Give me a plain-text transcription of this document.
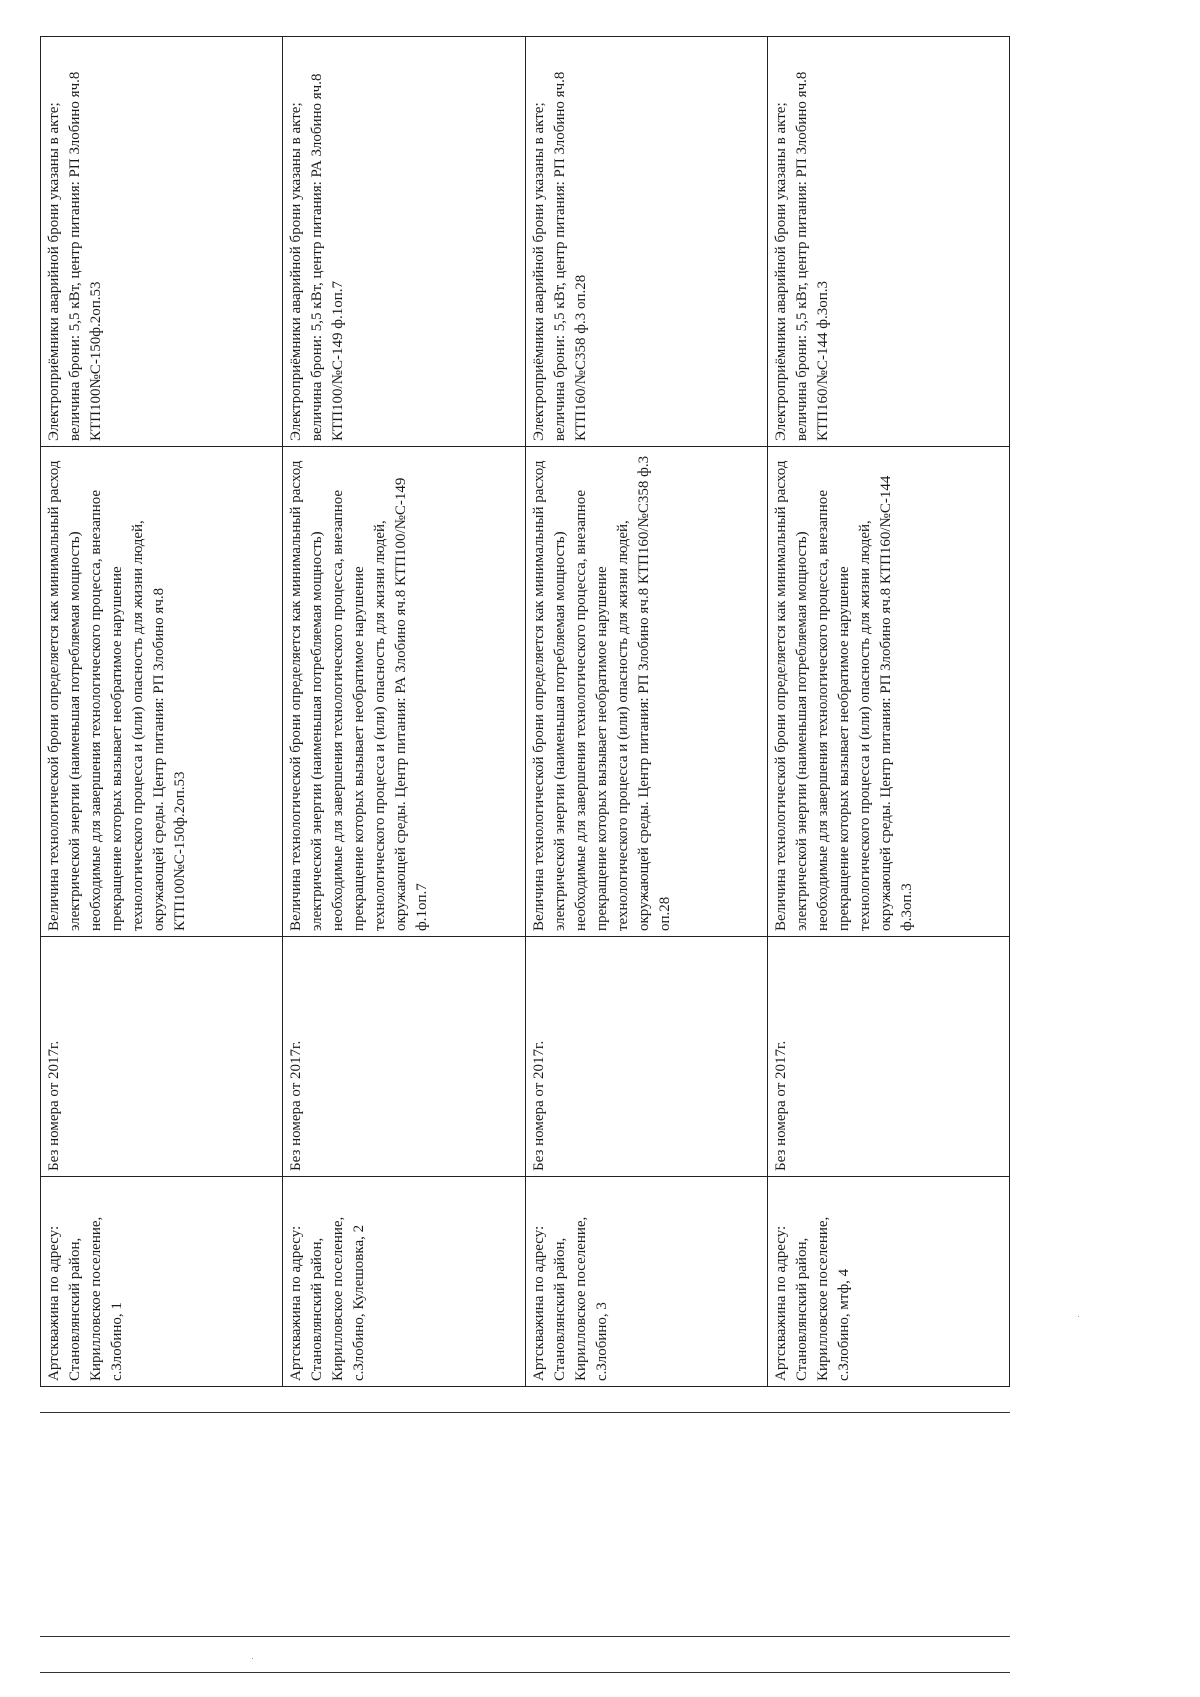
Артскважина по адресу: Становлянский район, Кирилловское поселение, с.Злобино, 1	Без номера от 2017г.	Величина технологической брони определяется как минимальный расход электрической энергии (наименьшая потребляемая мощность) необходимые для завершения технологического процесса, внезапное прекращение которых вызывает необратимое нарушение технологического процесса и (или) опасность для жизни людей, окружающей среды. Центр питания: РП Злобино яч.8 КТП100№С-150ф.2оп.53	Электроприёмники аварийной брони указаны в акте; величина брони: 5,5 кВт, центр питания: РП Злобино яч.8 КТП100№С-150ф.2оп.53
Артскважина по адресу: Становлянский район, Кирилловское поселение, с.Злобино, Кулешовка, 2	Без номера от 2017г.	Величина технологической брони определяется как минимальный расход электрической энергии (наименьшая потребляемая мощность) необходимые для завершения технологического процесса, внезапное прекращение которых вызывает необратимое нарушение технологического процесса и (или) опасность для жизни людей, окружающей среды. Центр питания: РА Злобино яч.8 КТП100/№С-149 ф.1оп.7	Электроприёмники аварийной брони указаны в акте; величина брони: 5,5 кВт, центр питания: РА Злобино яч.8 КТП100/№С-149 ф.1оп.7
Артскважина по адресу: Становлянский район, Кирилловское поселение, с.Злобино, 3	Без номера от 2017г.	Величина технологической брони определяется как минимальный расход электрической энергии (наименьшая потребляемая мощность) необходимые для завершения технологического процесса, внезапное прекращение которых вызывает необратимое нарушение технологического процесса и (или) опасность для жизни людей, окружающей среды. Центр питания: РП Злобино яч.8 КТП160/№С358 ф.3 оп.28	Электроприёмники аварийной брони указаны в акте; величина брони: 5,5 кВт, центр питания: РП Злобино яч.8 КТП160/№С358 ф.3 оп.28
Артскважина по адресу: Становлянский район, Кирилловское поселение, с.Злобино, мтф, 4	Без номера от 2017г.	Величина технологической брони определяется как минимальный расход электрической энергии (наименьшая потребляемая мощность) необходимые для завершения технологического процесса, внезапное прекращение которых вызывает необратимое нарушение технологического процесса и (или) опасность для жизни людей, окружающей среды. Центр питания: РП Злобино яч.8 КТП160/№С-144 ф.3оп.3	Электроприёмники аварийной брони указаны в акте; величина брони: 5,5 кВт, центр питания: РП Злобино яч.8 КТП160/№С-144 ф.3оп.3
